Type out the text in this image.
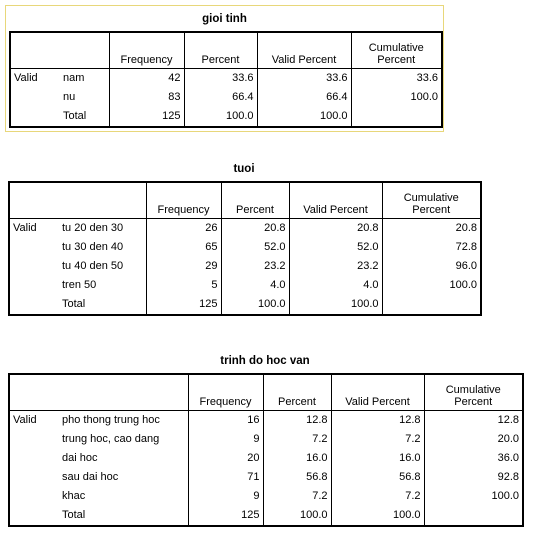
gioi tinh
		Frequency	Percent	Valid Percent	Cumulative
Percent
Valid	nam	42	33.6	33.6	33.6
	nu	83	66.4	66.4	100.0
	Total	125	100.0	100.0	
tuoi
		Frequency	Percent	Valid Percent	Cumulative
Percent
Valid	tu 20 den 30	26	20.8	20.8	20.8
	tu 30 den 40	65	52.0	52.0	72.8
	tu 40 den 50	29	23.2	23.2	96.0
	tren 50	5	4.0	4.0	100.0
	Total	125	100.0	100.0	
trinh do hoc van
		Frequency	Percent	Valid Percent	Cumulative
Percent
Valid	pho thong trung hoc	16	12.8	12.8	12.8
	trung hoc, cao dang	9	7.2	7.2	20.0
	dai hoc	20	16.0	16.0	36.0
	sau dai hoc	71	56.8	56.8	92.8
	khac	9	7.2	7.2	100.0
	Total	125	100.0	100.0	
